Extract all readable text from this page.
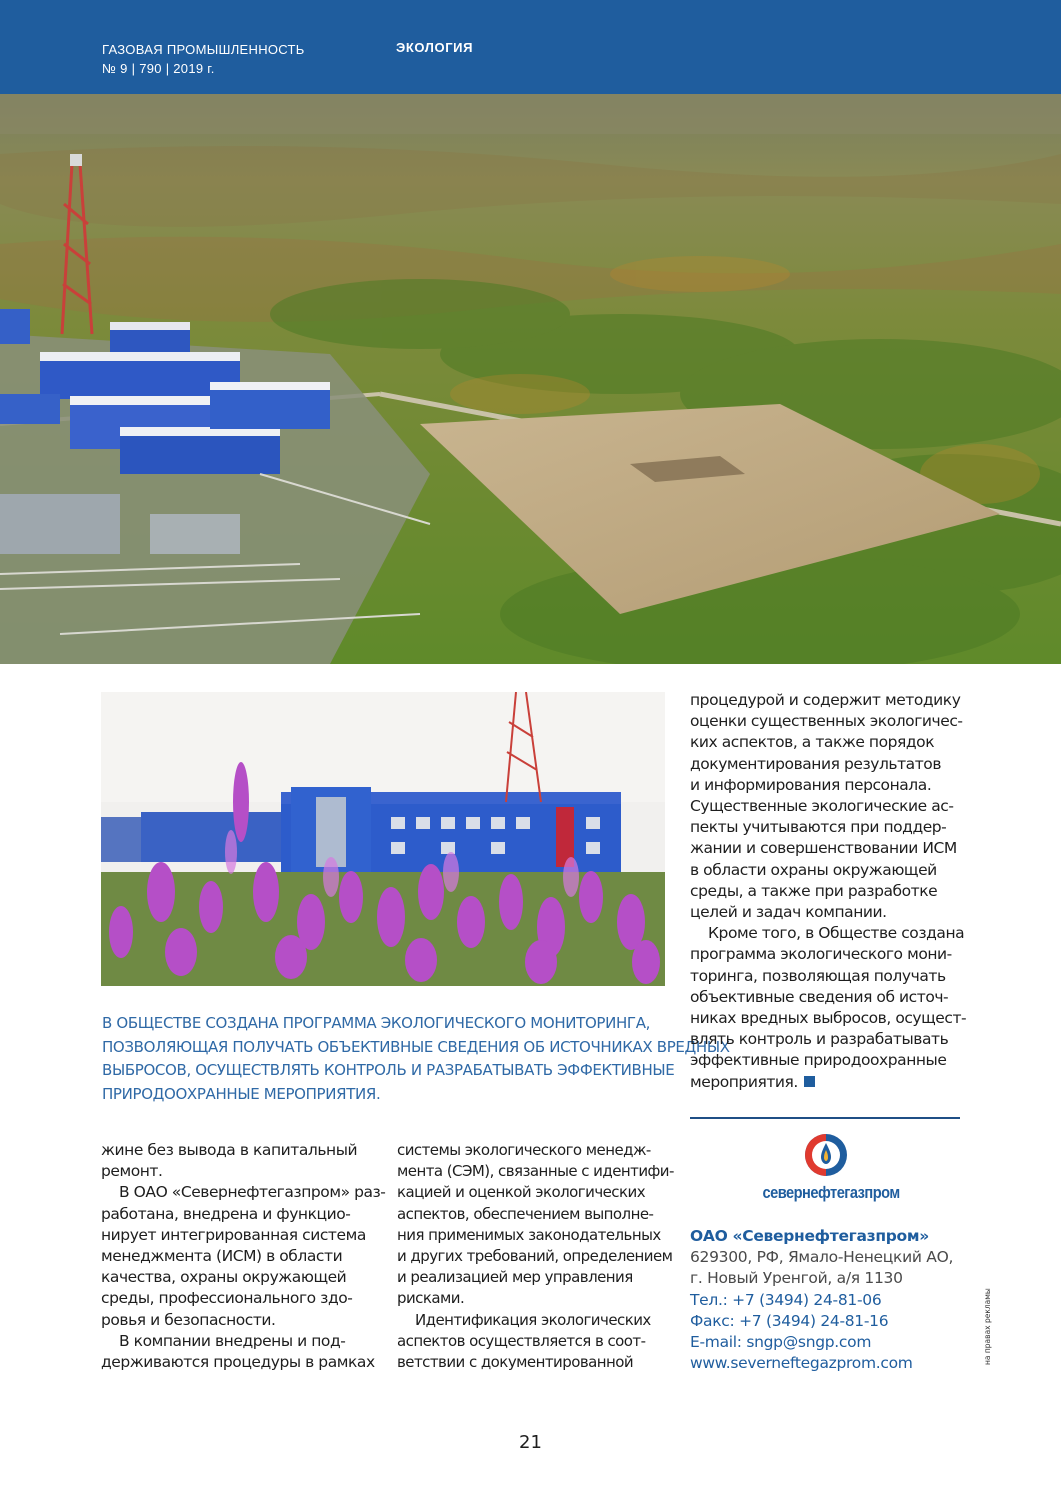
ГАЗОВАЯ ПРОМЫШЛЕННОСТЬ
№ 9 | 790 | 2019 г.
ЭКОЛОГИЯ
В ОБЩЕСТВЕ СОЗДАНА ПРОГРАММА ЭКОЛОГИЧЕСКОГО МОНИТОРИНГА,
ПОЗВОЛЯЮЩАЯ ПОЛУЧАТЬ ОБЪЕКТИВНЫЕ СВЕДЕНИЯ ОБ ИСТОЧНИКАХ ВРЕДНЫХ
ВЫБРОСОВ, ОСУЩЕСТВЛЯТЬ КОНТРОЛЬ И РАЗРАБАТЫВАТЬ ЭФФЕКТИВНЫЕ
ПРИРОДООХРАННЫЕ МЕРОПРИЯТИЯ.
жине без вывода в капитальный
ремонт.
В ОАО «Севернефтегазпром» раз-
работана, внедрена и функцио-
нирует интегрированная система
менеджмента (ИСМ) в области
качества, охраны окружающей
среды, профессионального здо-
ровья и безопасности.
В компании внедрены и под-
держиваются процедуры в рамках
системы экологического менедж-
мента (СЭМ), связанные с идентифи-
кацией и оценкой экологических
аспектов, обеспечением выполне-
ния применимых законодательных
и других требований, определением
и реализацией мер управления
рисками.
Идентификация экологических
аспектов осуществляется в соот-
ветствии с документированной
процедурой и содержит методику
оценки существенных экологичес-
ких аспектов, а также порядок
документирования результатов
и информирования персонала.
Существенные экологические ас-
пекты учитываются при поддер-
жании и совершенствовании ИСМ
в области охраны окружающей
среды, а также при разработке
целей и задач компании.
Кроме того, в Обществе создана
программа экологического мони-
торинга, позволяющая получать
объективные сведения об источ-
никах вредных выбросов, осущест-
влять контроль и разрабатывать
эффективные природоохранные
мероприятия.
севернефтегазпром
ОАО «Севернефтегазпром»
629300, РФ, Ямало-Ненецкий АО,
г. Новый Уренгой, а/я 1130
Тел.: +7 (3494) 24-81-06
Факс: +7 (3494) 24-81-16
E-mail: sngp@sngp.com
www.severneftegazprom.com	на правах рекламы
21
